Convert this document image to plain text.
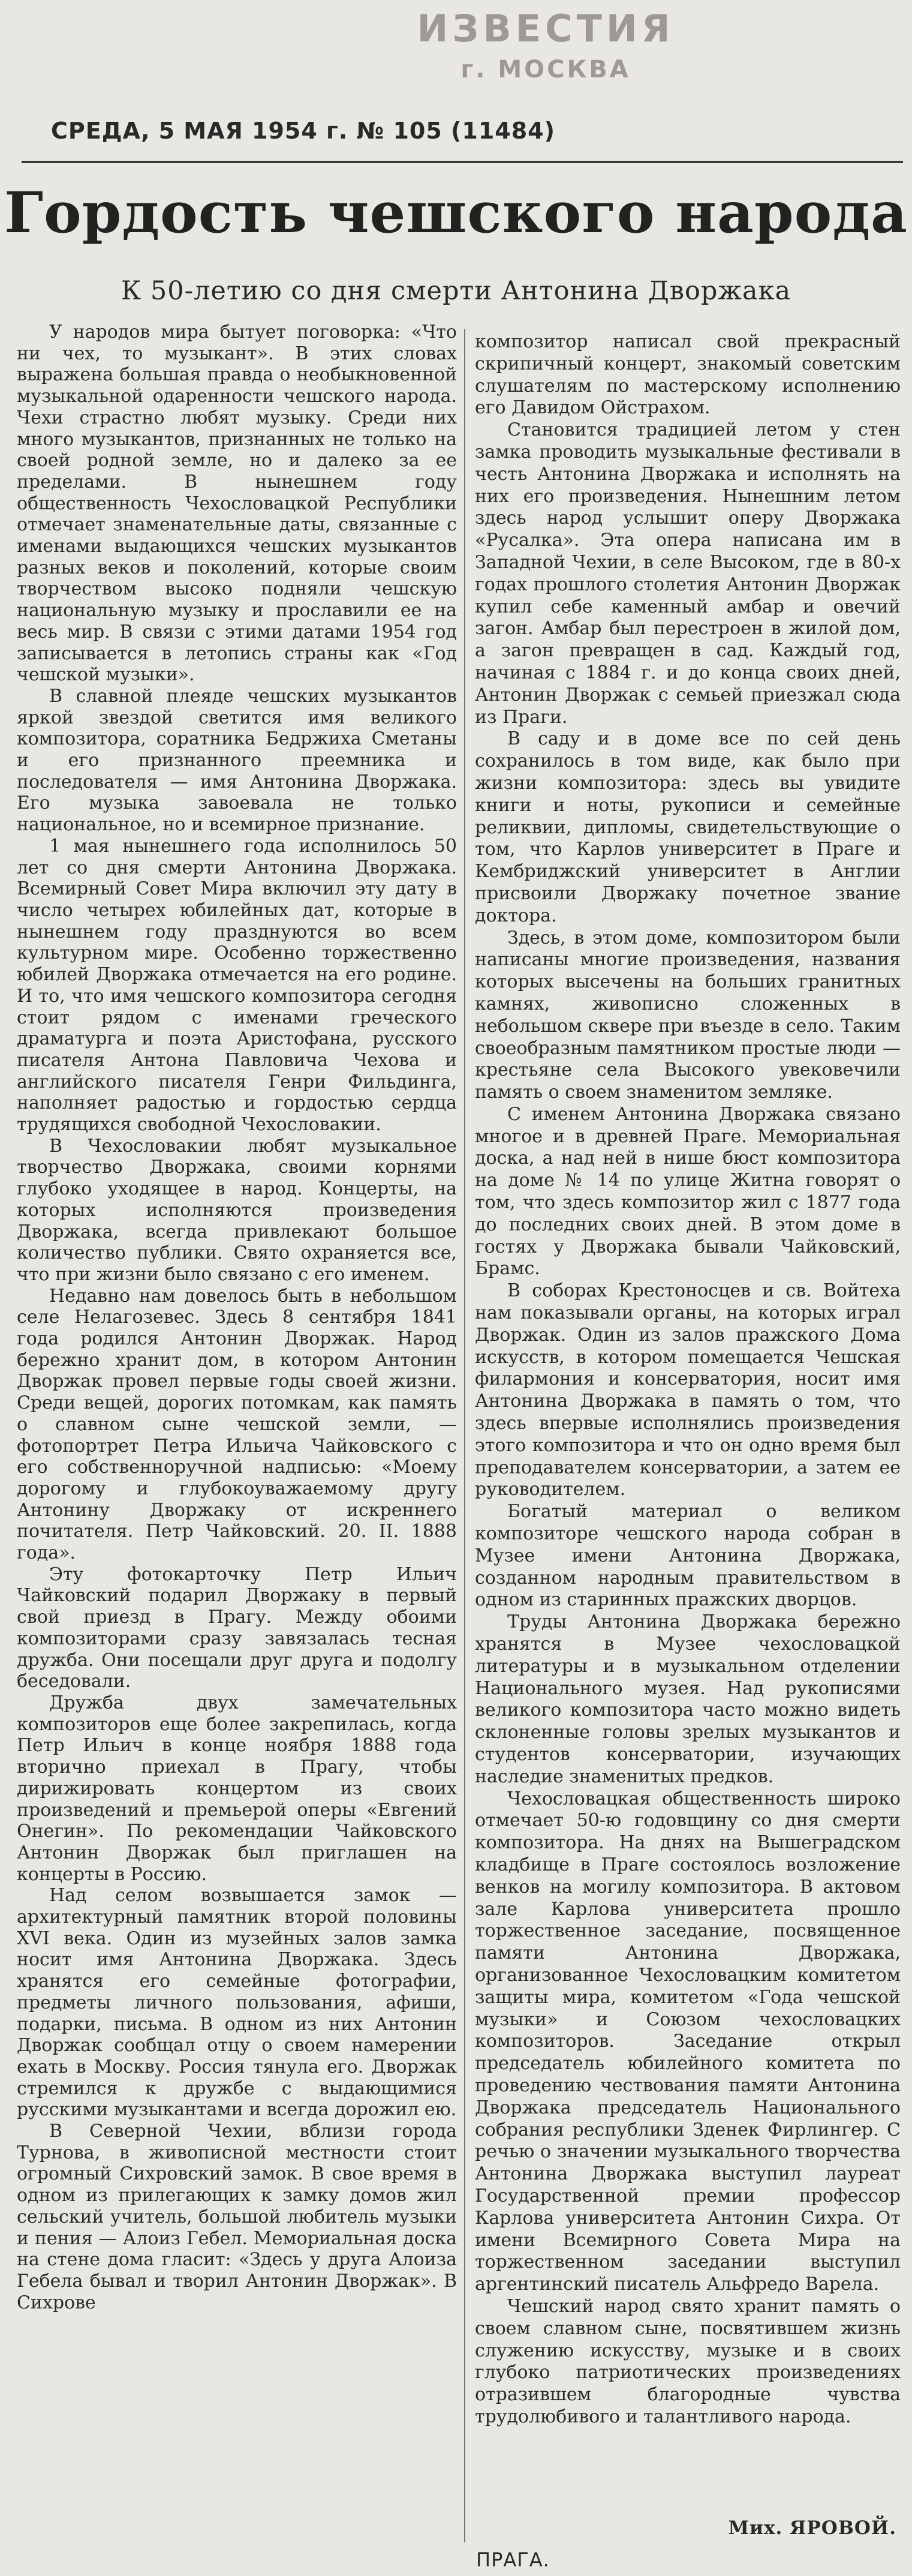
ИЗВЕСТИЯ
г. МОСКВА
СРЕДА, 5 МАЯ 1954 г. № 105 (11484)
Гордость чешского народа
К 50-летию со дня смерти Антонина Дворжака

У народов мира бытует поговорка: «Что ни чех, то музыкант». В этих словах выражена большая правда о необыкновенной музыкальной одаренности чешского народа. Чехи страстно любят музыку. Среди них много музыкантов, признанных не только на своей родной земле, но и далеко за ее пределами. В нынешнем году общественность Чехословацкой Республики отмечает знаменательные даты, связанные с именами выдающихся чешских музыкантов разных веков и поколений, которые своим творчеством высоко подняли чешскую национальную музыку и прославили ее на весь мир. В связи с этими датами 1954 год записывается в летопись страны как «Год чешской музыки».

В славной плеяде чешских музыкантов яркой звездой светится имя великого композитора, соратника Бедржиха Сметаны и его признанного преемника и последователя — имя Антонина Дворжака. Его музыка завоевала не только национальное, но и всемирное признание.

1 мая нынешнего года исполнилось 50 лет со дня смерти Антонина Дворжака. Всемирный Совет Мира включил эту дату в число четырех юбилейных дат, которые в нынешнем году празднуются во всем культурном мире. Особенно торжественно юбилей Дворжака отмечается на его родине. И то, что имя чешского композитора сегодня стоит рядом с именами греческого драматурга и поэта Аристофана, русского писателя Антона Павловича Чехова и английского писателя Генри Фильдинга, наполняет радостью и гордостью сердца трудящихся свободной Чехословакии.

В Чехословакии любят музыкальное творчество Дворжака, своими корнями глубоко уходящее в народ. Концерты, на которых исполняются произведения Дворжака, всегда привлекают большое количество публики. Свято охраняется все, что при жизни было связано с его именем.

Недавно нам довелось быть в небольшом селе Нелагозевес. Здесь 8 сентября 1841 года родился Антонин Дворжак. Народ бережно хранит дом, в котором Антонин Дворжак провел первые годы своей жизни. Среди вещей, дорогих потомкам, как память о славном сыне чешской земли, — фотопортрет Петра Ильича Чайковского с его собственноручной надписью: «Моему дорогому и глубокоуважаемому другу Антонину Дворжаку от искреннего почитателя. Петр Чайковский. 20. II. 1888 года».

Эту фотокарточку Петр Ильич Чайковский подарил Дворжаку в первый свой приезд в Прагу. Между обоими композиторами сразу завязалась тесная дружба. Они посещали друг друга и подолгу беседовали.

Дружба двух замечательных композиторов еще более закрепилась, когда Петр Ильич в конце ноября 1888 года вторично приехал в Прагу, чтобы дирижировать концертом из своих произведений и премьерой оперы «Евгений Онегин». По рекомендации Чайковского Антонин Дворжак был приглашен на концерты в Россию.

Над селом возвышается замок — архитектурный памятник второй половины XVI века. Один из музейных залов замка носит имя Антонина Дворжака. Здесь хранятся его семейные фотографии, предметы личного пользования, афиши, подарки, письма. В одном из них Антонин Дворжак сообщал отцу о своем намерении ехать в Москву. Россия тянула его. Дворжак стремился к дружбе с выдающимися русскими музыкантами и всегда дорожил ею.

В Северной Чехии, вблизи города Турнова, в живописной местности стоит огромный Сихровский замок. В свое время в одном из прилегающих к замку домов жил сельский учитель, большой любитель музыки и пения — Алоиз Гебел. Мемориальная доска на стене дома гласит: «Здесь у друга Алоиза Гебела бывал и творил Антонин Дворжак». В Сихрове

композитор написал свой прекрасный скрипичный концерт, знакомый советским слушателям по мастерскому исполнению его Давидом Ойстрахом.

Становится традицией летом у стен замка проводить музыкальные фестивали в честь Антонина Дворжака и исполнять на них его произведения. Нынешним летом здесь народ услышит оперу Дворжака «Русалка». Эта опера написана им в Западной Чехии, в селе Высоком, где в 80-х годах прошлого столетия Антонин Дворжак купил себе каменный амбар и овечий загон. Амбар был перестроен в жилой дом, а загон превращен в сад. Каждый год, начиная с 1884 г. и до конца своих дней, Антонин Дворжак с семьей приезжал сюда из Праги.

В саду и в доме все по сей день сохранилось в том виде, как было при жизни композитора: здесь вы увидите книги и ноты, рукописи и семейные реликвии, дипломы, свидетельствующие о том, что Карлов университет в Праге и Кембриджский университет в Англии присвоили Дворжаку почетное звание доктора.

Здесь, в этом доме, композитором были написаны многие произведения, названия которых высечены на больших гранитных камнях, живописно сложенных в небольшом сквере при въезде в село. Таким своеобразным памятником простые люди — крестьяне села Высокого увековечили память о своем знаменитом земляке.

С именем Антонина Дворжака связано многое и в древней Праге. Мемориальная доска, а над ней в нише бюст композитора на доме № 14 по улице Житна говорят о том, что здесь композитор жил с 1877 года до последних своих дней. В этом доме в гостях у Дворжака бывали Чайковский, Брамс.

В соборах Крестоносцев и св. Войтеха нам показывали органы, на которых играл Дворжак. Один из залов пражского Дома искусств, в котором помещается Чешская филармония и консерватория, носит имя Антонина Дворжака в память о том, что здесь впервые исполнялись произведения этого композитора и что он одно время был преподавателем консерватории, а затем ее руководителем.

Богатый материал о великом композиторе чешского народа собран в Музее имени Антонина Дворжака, созданном народным правительством в одном из старинных пражских дворцов.

Труды Антонина Дворжака бережно хранятся в Музее чехословацкой литературы и в музыкальном отделении Национального музея. Над рукописями великого композитора часто можно видеть склоненные головы зрелых музыкантов и студентов консерватории, изучающих наследие знаменитых предков.

Чехословацкая общественность широко отмечает 50-ю годовщину со дня смерти композитора. На днях на Вышеградском кладбище в Праге состоялось возложение венков на могилу композитора. В актовом зале Карлова университета прошло торжественное заседание, посвященное памяти Антонина Дворжака, организованное Чехословацким комитетом защиты мира, комитетом «Года чешской музыки» и Союзом чехословацких композиторов. Заседание открыл председатель юбилейного комитета по проведению чествования памяти Антонина Дворжака председатель Национального собрания республики Зденек Фирлингер. С речью о значении музыкального творчества Антонина Дворжака выступил лауреат Государственной премии профессор Карлова университета Антонин Сихра. От имени Всемирного Совета Мира на торжественном заседании выступил аргентинский писатель Альфредо Варела.

Чешский народ свято хранит память о своем славном сыне, посвятившем жизнь служению искусству, музыке и в своих глубоко патриотических произведениях отразившем благородные чувства трудолюбивого и талантливого народа.

Мих. ЯРОВОЙ.
ПРАГА.
